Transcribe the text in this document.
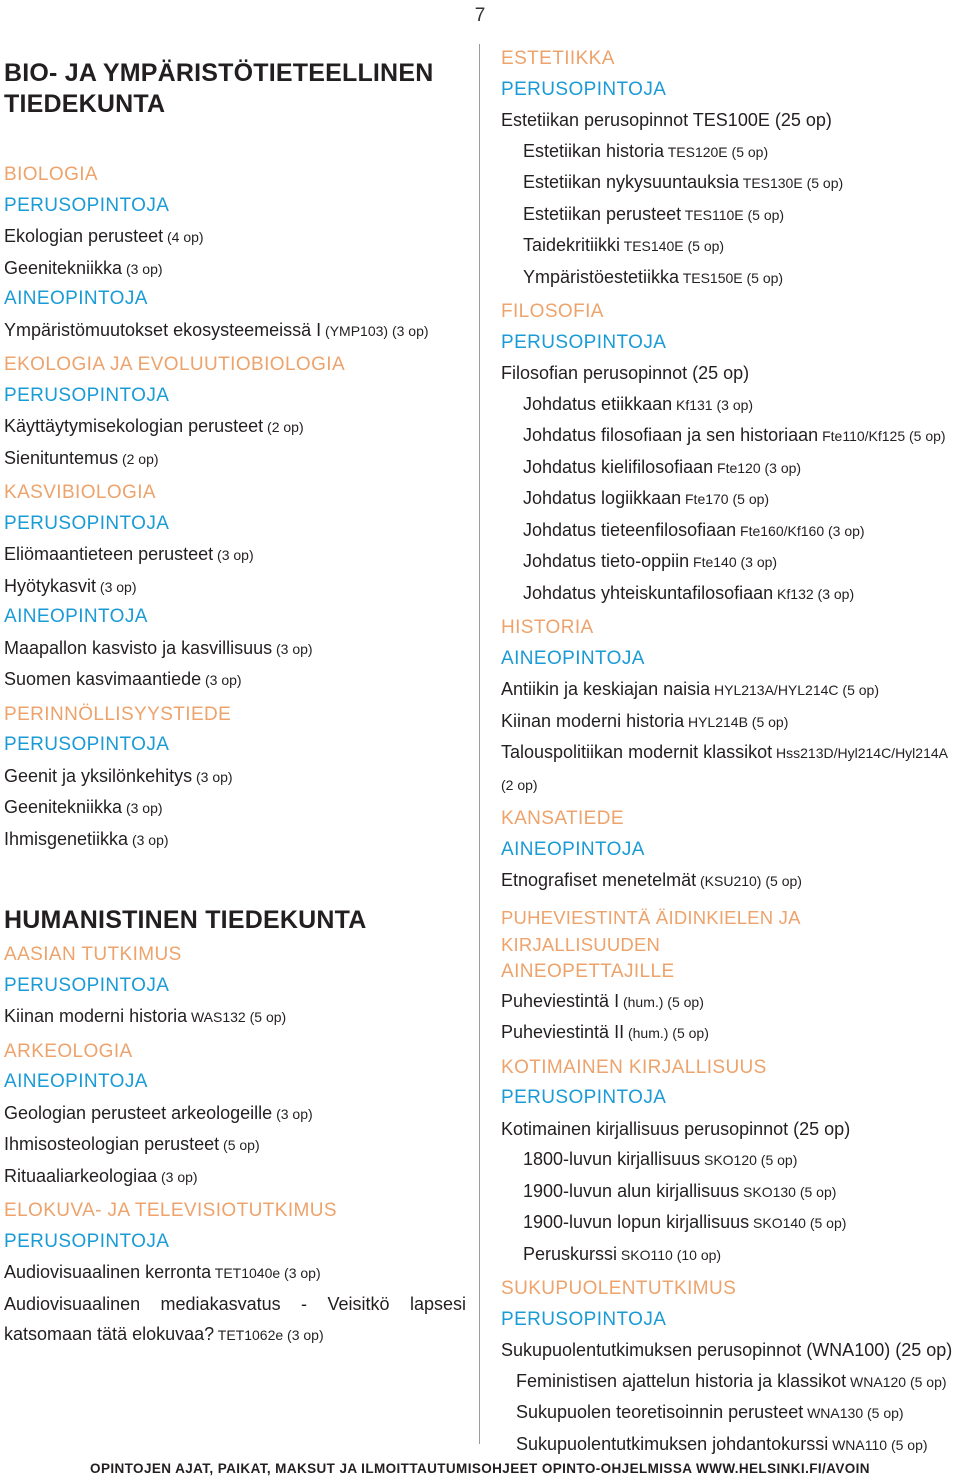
7
BIO- JA YMPÄRISTÖTIETEELLINEN TIEDEKUNTA
BIOLOGIA
PERUSOPINTOJA
Ekologian perusteet (4 op)
Geenitekniikka (3 op)
AINEOPINTOJA
Ympäristömuutokset ekosysteemeissä I (YMP103) (3 op)
EKOLOGIA JA EVOLUUTIOBIOLOGIA
PERUSOPINTOJA
Käyttäytymisekologian perusteet (2 op)
Sienituntemus (2 op)
KASVIBIOLOGIA
PERUSOPINTOJA
Eliömaantieteen perusteet (3 op)
Hyötykasvit (3 op)
AINEOPINTOJA
Maapallon kasvisto ja kasvillisuus (3 op)
Suomen kasvimaantiede (3 op)
PERINNÖLLISYYSTIEDE
PERUSOPINTOJA
Geenit ja yksilönkehitys (3 op)
Geenitekniikka (3 op)
Ihmisgenetiikka (3 op)
HUMANISTINEN TIEDEKUNTA
AASIAN TUTKIMUS
PERUSOPINTOJA
Kiinan moderni historia WAS132 (5 op)
ARKEOLOGIA
AINEOPINTOJA
Geologian perusteet arkeologeille (3 op)
Ihmisosteologian perusteet (5 op)
Rituaaliarkeologiaa (3 op)
ELOKUVA- JA TELEVISIOTUTKIMUS
PERUSOPINTOJA
Audiovisuaalinen kerronta TET1040e (3 op)
Audiovisuaalinen mediakasvatus - Veisitkö lapsesi katsomaan tätä elokuvaa? TET1062e (3 op)
ESTETIIKKA
PERUSOPINTOJA
Estetiikan perusopinnot TES100E (25 op)
Estetiikan historia TES120E (5 op)
Estetiikan nykysuuntauksia TES130E (5 op)
Estetiikan perusteet TES110E (5 op)
Taidekritiikki TES140E (5 op)
Ympäristöestetiikka TES150E (5 op)
FILOSOFIA
PERUSOPINTOJA
Filosofian perusopinnot (25 op)
Johdatus etiikkaan Kf131 (3 op)
Johdatus filosofiaan ja sen historiaan Fte110/Kf125 (5 op)
Johdatus kielifilosofiaan Fte120 (3 op)
Johdatus logiikkaan Fte170 (5 op)
Johdatus tieteenfilosofiaan Fte160/Kf160 (3 op)
Johdatus tieto-oppiin Fte140 (3 op)
Johdatus yhteiskuntafilosofiaan Kf132 (3 op)
HISTORIA
AINEOPINTOJA
Antiikin ja keskiajan naisia HYL213A/HYL214C (5 op)
Kiinan moderni historia HYL214B (5 op)
Talouspolitiikan modernit klassikot Hss213D/Hyl214C/Hyl214A (2 op)
KANSATIEDE
AINEOPINTOJA
Etnografiset menetelmät (KSU210) (5 op)
PUHEVIESTINTÄ ÄIDINKIELEN JA KIRJALLISUUDEN
AINEOPETTAJILLE
Puheviestintä I (hum.) (5 op)
Puheviestintä II (hum.) (5 op)
KOTIMAINEN KIRJALLISUUS
PERUSOPINTOJA
Kotimainen kirjallisuus perusopinnot (25 op)
1800-luvun kirjallisuus SKO120 (5 op)
1900-luvun alun kirjallisuus SKO130 (5 op)
1900-luvun lopun kirjallisuus SKO140 (5 op)
Peruskurssi SKO110 (10 op)
SUKUPUOLENTUTKIMUS
PERUSOPINTOJA
Sukupuolentutkimuksen perusopinnot (WNA100) (25 op)
Feministisen ajattelun historia ja klassikot WNA120 (5 op)
Sukupuolen teoretisoinnin perusteet WNA130 (5 op)
Sukupuolentutkimuksen johdantokurssi WNA110 (5 op)
OPINTOJEN AJAT, PAIKAT, MAKSUT JA ILMOITTAUTUMISOHJEET OPINTO-OHJELMISSA WWW.HELSINKI.FI/AVOIN
